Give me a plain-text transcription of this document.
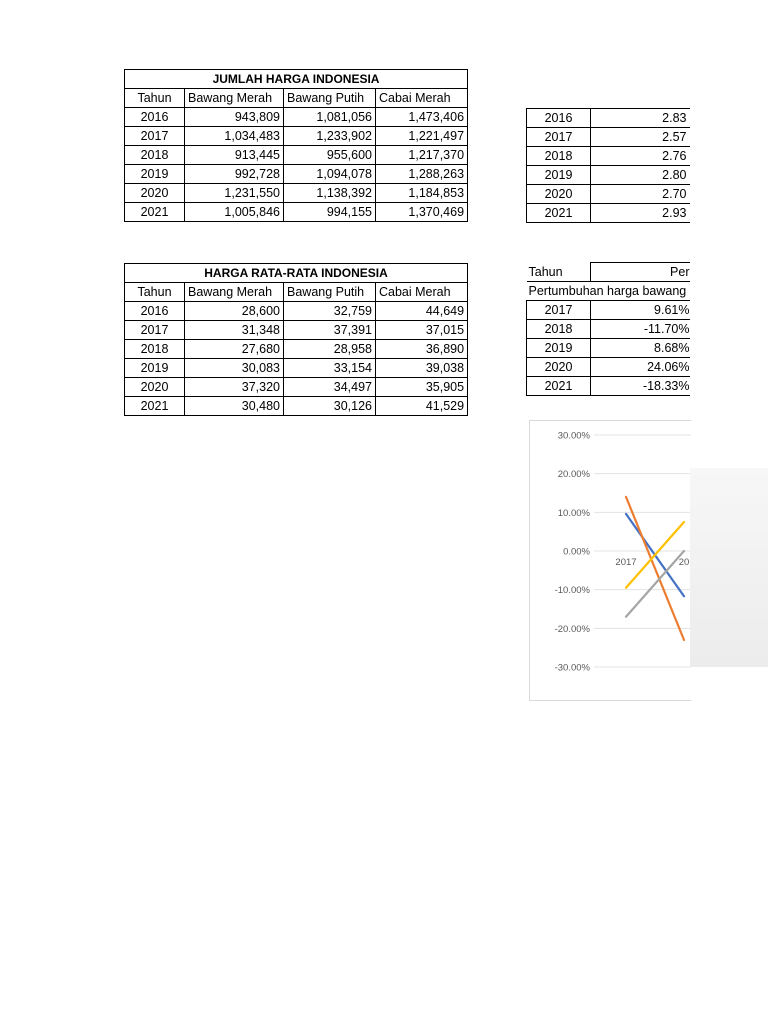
JUMLAH HARGA INDONESIA			
Tahun	Bawang Merah	Bawang Putih	Cabai Merah
2016	943,809	1,081,056	1,473,406
2017	1,034,483	1,233,902	1,221,497
2018	913,445	955,600	1,217,370
2019	992,728	1,094,078	1,288,263
2020	1,231,550	1,138,392	1,184,853
2021	1,005,846	994,155	1,370,469
HARGA RATA-RATA INDONESIA			
Tahun	Bawang Merah	Bawang Putih	Cabai Merah
2016	28,600	32,759	44,649
2017	31,348	37,391	37,015
2018	27,680	28,958	36,890
2019	30,083	33,154	39,038
2020	37,320	34,497	35,905
2021	30,480	30,126	41,529
2016	2.83
2017	2.57
2018	2.76
2019	2.80
2020	2.70
2021	2.93
Tahun	Per
Pertumbuhan harga bawang	
2017	9.61%
2018	-11.70%
2019	8.68%
2020	24.06%
2021	-18.33%
30.00%
20.00%
10.00%
0.00%
-10.00%
-20.00%
-30.00%
2017	20
